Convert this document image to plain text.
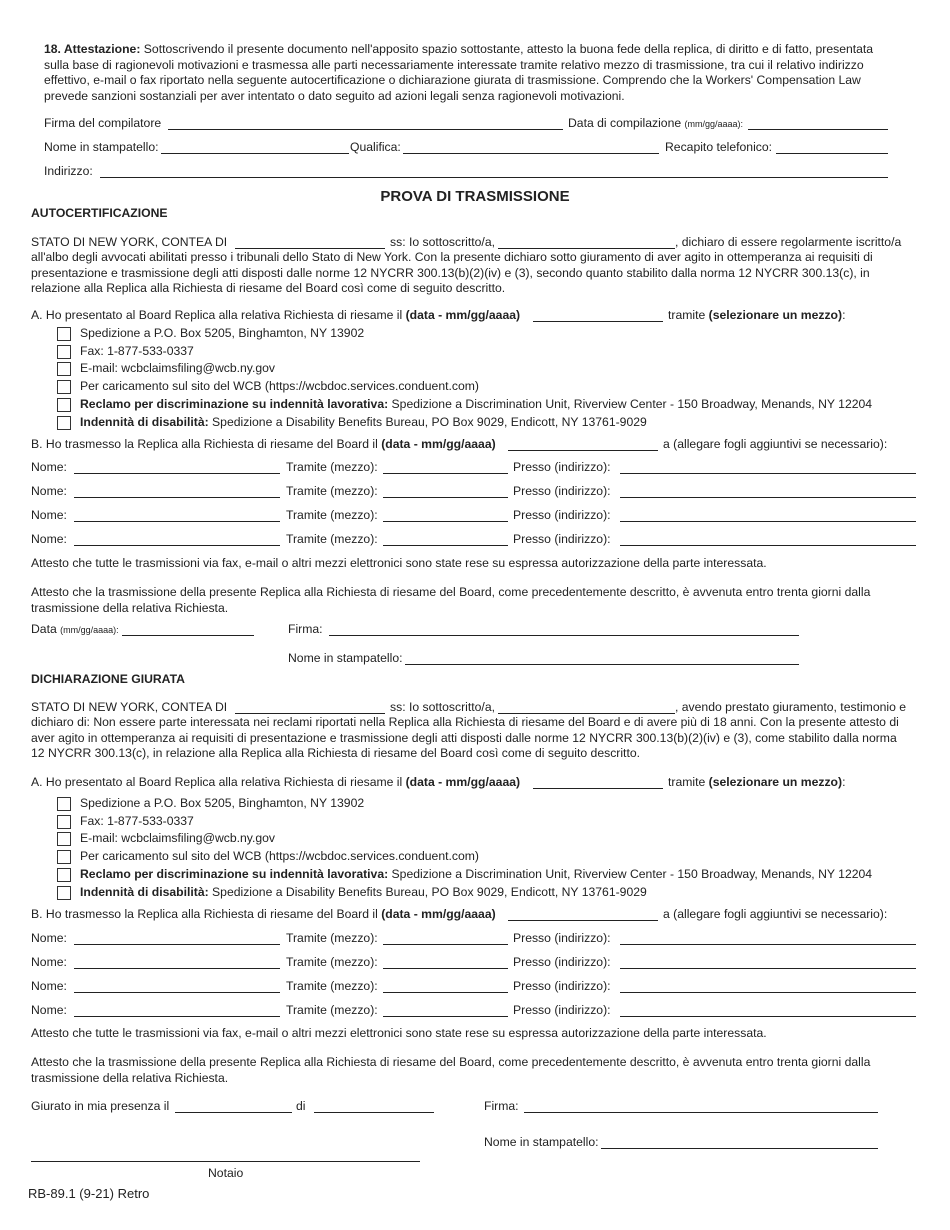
18. Attestazione: Sottoscrivendo il presente documento nell'apposito spazio sottostante, attesto la buona fede della replica, di diritto e di fatto, presentata
sulla base di ragionevoli motivazioni e trasmessa alle parti necessariamente interessate tramite relativo mezzo di trasmissione, tra cui il relativo indirizzo
effettivo, e-mail o fax riportato nella seguente autocertificazione o dichiarazione giurata di trasmissione. Comprendo che la Workers' Compensation Law
prevede sanzioni sostanziali per aver intentato o dato seguito ad azioni legali senza ragionevoli motivazioni.
Firma del compilatore	Data di compilazione (mm/gg/aaaa):
Nome in stampatello:	Qualifica:	Recapito telefonico:
Indirizzo:
PROVA DI TRASMISSIONE
AUTOCERTIFICAZIONE
STATO DI NEW YORK, CONTEA DI	ss: Io sottoscritto/a,	, dichiaro di essere regolarmente iscritto/a
all'albo degli avvocati abilitati presso i tribunali dello Stato di New York. Con la presente dichiaro sotto giuramento di aver agito in ottemperanza ai requisiti di
presentazione e trasmissione degli atti disposti dalle norme 12 NYCRR 300.13(b)(2)(iv) e (3), secondo quanto stabilito dalla norma 12 NYCRR 300.13(c), in
relazione alla Replica alla Richiesta di riesame del Board così come di seguito descritto.
A. Ho presentato al Board Replica alla relativa Richiesta di riesame il (data - mm/gg/aaaa)	tramite (selezionare un mezzo):
Spedizione a P.O. Box 5205, Binghamton, NY 13902
Fax: 1-877-533-0337
E-mail: wcbclaimsfiling@wcb.ny.gov
Per caricamento sul sito del WCB (https://wcbdoc.services.conduent.com)
Reclamo per discriminazione su indennità lavorativa: Spedizione a Discrimination Unit, Riverview Center - 150 Broadway, Menands, NY 12204
Indennità di disabilità: Spedizione a Disability Benefits Bureau, PO Box 9029, Endicott, NY 13761-9029
B. Ho trasmesso la Replica alla Richiesta di riesame del Board il (data - mm/gg/aaaa)	a (allegare fogli aggiuntivi se necessario):
Nome:	Tramite (mezzo):	Presso (indirizzo):
Nome:	Tramite (mezzo):	Presso (indirizzo):
Nome:	Tramite (mezzo):	Presso (indirizzo):
Nome:	Tramite (mezzo):	Presso (indirizzo):
Attesto che tutte le trasmissioni via fax, e-mail o altri mezzi elettronici sono state rese su espressa autorizzazione della parte interessata.
Attesto che la trasmissione della presente Replica alla Richiesta di riesame del Board, come precedentemente descritto, è avvenuta entro trenta giorni dalla
trasmissione della relativa Richiesta.
Data (mm/gg/aaaa):	Firma:
Nome in stampatello:
DICHIARAZIONE GIURATA
STATO DI NEW YORK, CONTEA DI	ss: Io sottoscritto/a,	, avendo prestato giuramento, testimonio e
dichiaro di: Non essere parte interessata nei reclami riportati nella Replica alla Richiesta di riesame del Board e di avere più di 18 anni. Con la presente attesto di
aver agito in ottemperanza ai requisiti di presentazione e trasmissione degli atti disposti dalle norme 12 NYCRR 300.13(b)(2)(iv) e (3), come stabilito dalla norma
12 NYCRR 300.13(c), in relazione alla Replica alla Richiesta di riesame del Board così come di seguito descritto.
A. Ho presentato al Board Replica alla relativa Richiesta di riesame il (data - mm/gg/aaaa)	tramite (selezionare un mezzo):
Spedizione a P.O. Box 5205, Binghamton, NY 13902
Fax: 1-877-533-0337
E-mail: wcbclaimsfiling@wcb.ny.gov
Per caricamento sul sito del WCB (https://wcbdoc.services.conduent.com)
Reclamo per discriminazione su indennità lavorativa: Spedizione a Discrimination Unit, Riverview Center - 150 Broadway, Menands, NY 12204
Indennità di disabilità: Spedizione a Disability Benefits Bureau, PO Box 9029, Endicott, NY 13761-9029
B. Ho trasmesso la Replica alla Richiesta di riesame del Board il (data - mm/gg/aaaa)	a (allegare fogli aggiuntivi se necessario):
Nome:	Tramite (mezzo):	Presso (indirizzo):
Nome:	Tramite (mezzo):	Presso (indirizzo):
Nome:	Tramite (mezzo):	Presso (indirizzo):
Nome:	Tramite (mezzo):	Presso (indirizzo):
Attesto che tutte le trasmissioni via fax, e-mail o altri mezzi elettronici sono state rese su espressa autorizzazione della parte interessata.
Attesto che la trasmissione della presente Replica alla Richiesta di riesame del Board, come precedentemente descritto, è avvenuta entro trenta giorni dalla
trasmissione della relativa Richiesta.
Giurato in mia presenza il	di	Firma:
Nome in stampatello:
Notaio
RB-89.1 (9-21) Retro
